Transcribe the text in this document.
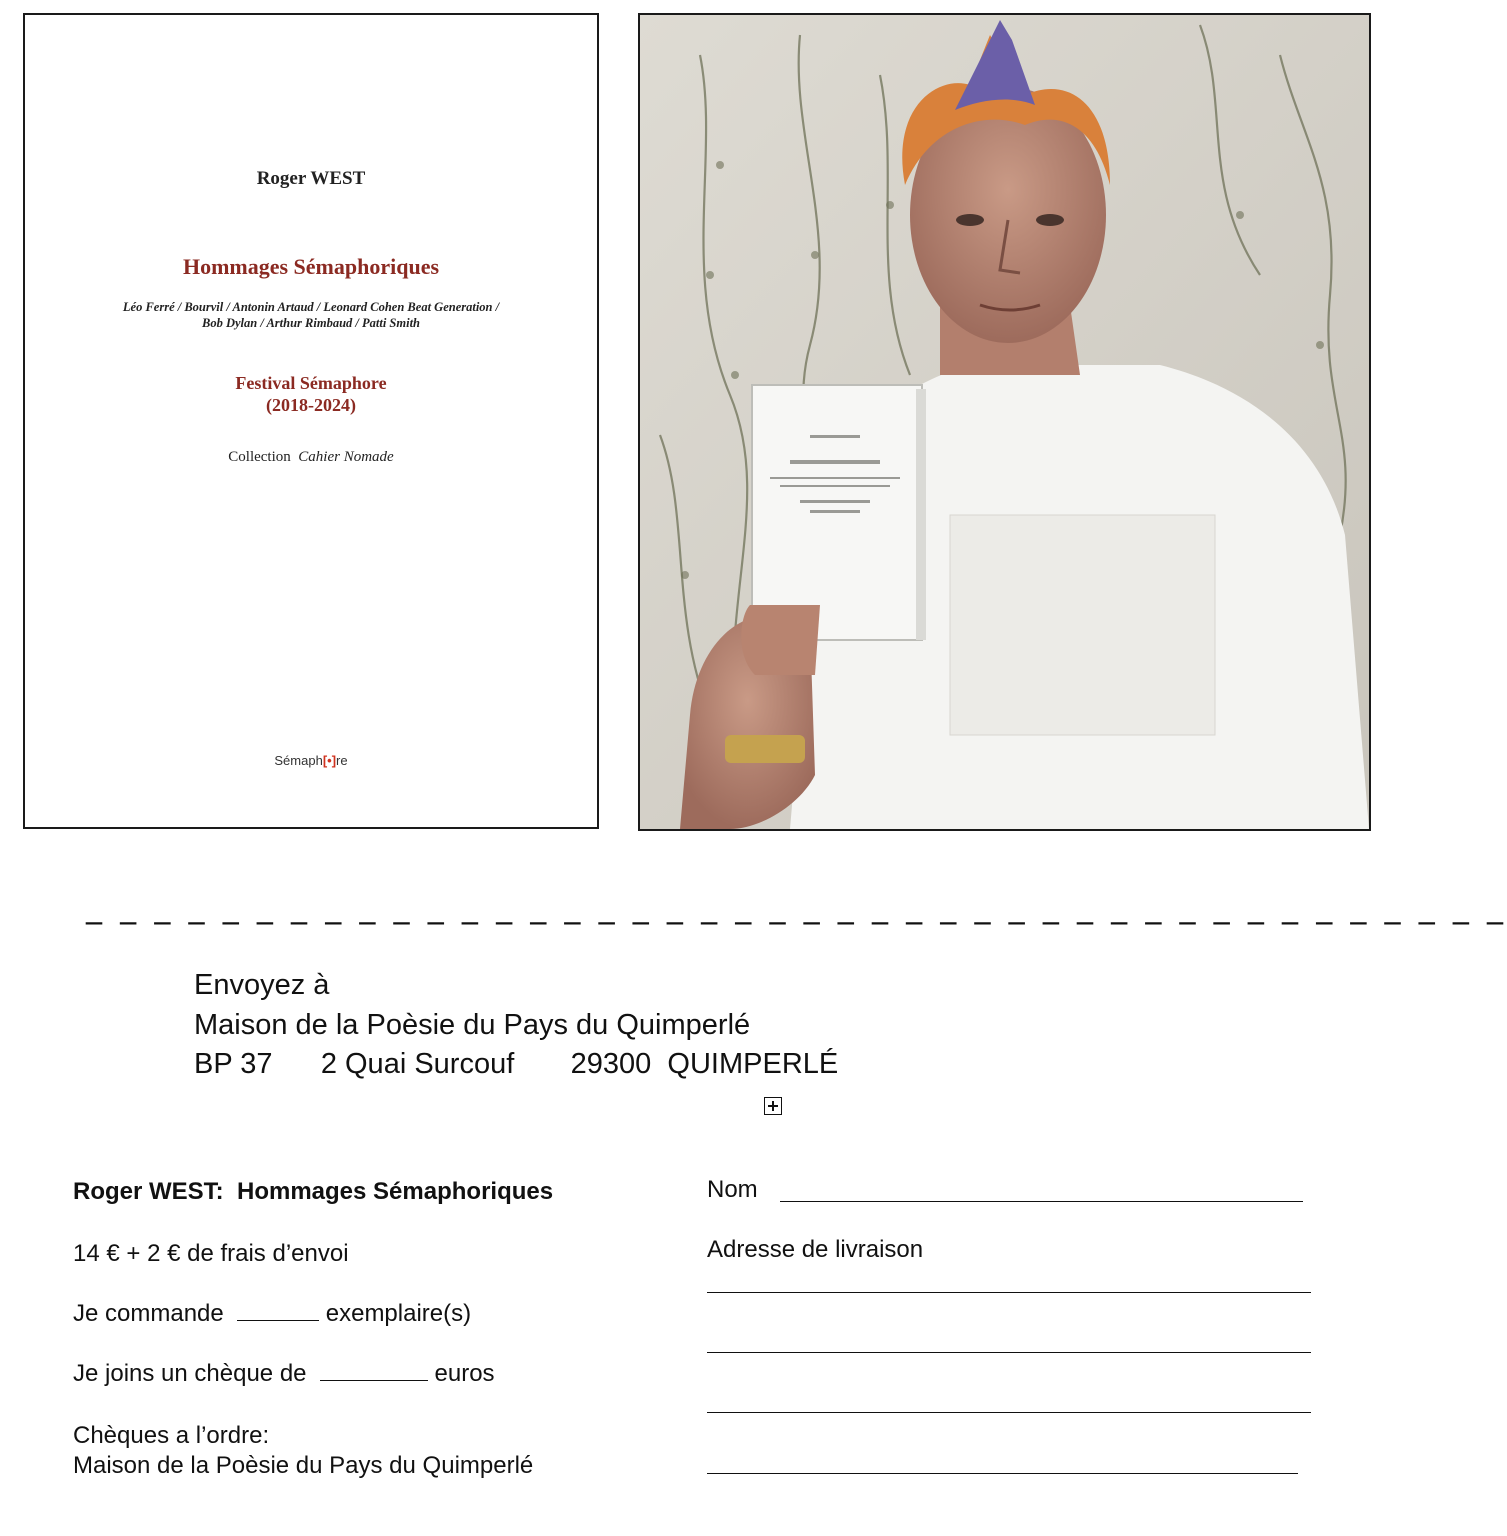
Roger WEST
Hommages Sémaphoriques
Léo Ferré / Bourvil / Antonin Artaud / Leonard Cohen Beat Generation /
Bob Dylan / Arthur Rimbaud / Patti Smith
Festival Sémaphore
(2018-2024)
Collection Cahier Nomade
Sémaph[•]re
_ _ _ _ _ _ _ _ _ _ _ _ _ _ _ _ _ _ _ _ _ _ _ _ _ _ _ _ _ _ _ _ _ _ _ _ _ _ _ _ _ _
Envoyez à
Maison de la Poèsie du Pays du Quimperlé
BP 37      2 Quai Surcouf       29300  QUIMPERLÉ
Roger WEST:  Hommages Sémaphoriques
14 € + 2 € de frais d’envoi
Je commande	exemplaire(s)
Je joins un chèque de	euros
Chèques a l’ordre:
Maison de la Poèsie du Pays du Quimperlé
Nom
Adresse de livraison
